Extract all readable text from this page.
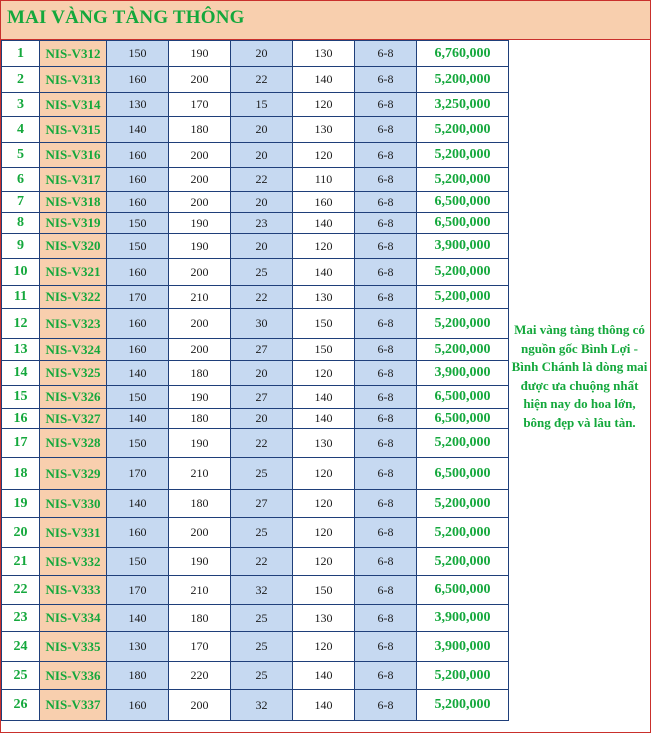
MAI VÀNG TÀNG THÔNG
1	NIS-V312	150	190	20	130	6-8	6,760,000
2	NIS-V313	160	200	22	140	6-8	5,200,000
3	NIS-V314	130	170	15	120	6-8	3,250,000
4	NIS-V315	140	180	20	130	6-8	5,200,000
5	NIS-V316	160	200	20	120	6-8	5,200,000
6	NIS-V317	160	200	22	110	6-8	5,200,000
7	NIS-V318	160	200	20	160	6-8	6,500,000
8	NIS-V319	150	190	23	140	6-8	6,500,000
9	NIS-V320	150	190	20	120	6-8	3,900,000
10	NIS-V321	160	200	25	140	6-8	5,200,000
11	NIS-V322	170	210	22	130	6-8	5,200,000
12	NIS-V323	160	200	30	150	6-8	5,200,000
13	NIS-V324	160	200	27	150	6-8	5,200,000
14	NIS-V325	140	180	20	120	6-8	3,900,000
15	NIS-V326	150	190	27	140	6-8	6,500,000
16	NIS-V327	140	180	20	140	6-8	6,500,000
17	NIS-V328	150	190	22	130	6-8	5,200,000
18	NIS-V329	170	210	25	120	6-8	6,500,000
19	NIS-V330	140	180	27	120	6-8	5,200,000
20	NIS-V331	160	200	25	120	6-8	5,200,000
21	NIS-V332	150	190	22	120	6-8	5,200,000
22	NIS-V333	170	210	32	150	6-8	6,500,000
23	NIS-V334	140	180	25	130	6-8	3,900,000
24	NIS-V335	130	170	25	120	6-8	3,900,000
25	NIS-V336	180	220	25	140	6-8	5,200,000
26	NIS-V337	160	200	32	140	6-8	5,200,000
Mai vàng tàng thông có nguồn gốc Bình Lợi - Bình Chánh là dòng mai được ưa chuộng nhất hiện nay do hoa lớn, bông đẹp và lâu tàn.
